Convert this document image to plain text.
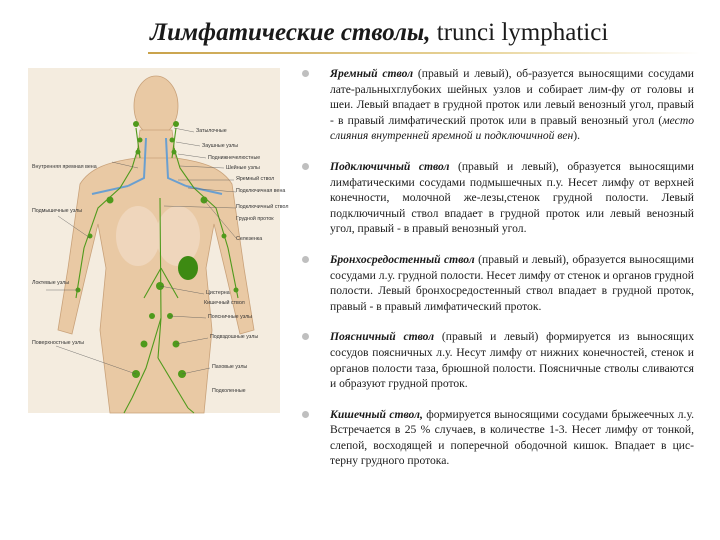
Лимфатические стволы, trunci lymphatici
Затылочные
Заушные узлы
Поднижнечелюстные
Шейные узлы
Внутренняя яремная вена
Яремный ствол
Подключичная вена
Подключичный ствол
Грудной проток
Подмышечные узлы
Локтевые узлы
Цистерна
Поясничные узлы
Подвздошные узлы
Паховые узлы
Селезенка
Кишечный ствол
Поверхностные узлы
Подколенные
Яремный ствол (правый и левый), об-разуется выносящими сосудами лате-ральныхглубоких шейных узлов и собирает лим-фу от головы и шеи. Левый впадает в грудной проток или левый венозный угол, правый - в правый лимфатический проток или в правый венозный угол (место слияния внутренней яремной и подключичной вен).
Подключичный ствол (правый и левый), образуется выносящими лимфатическими сосудами подмышечных п.у. Несет лимфу от верхней конечности, молочной же-лезы,стенок грудной полости. Левый подключичный ствол впадает в грудной проток или левый венозный угол, правый - в правый венозный угол.
Бронхосредостенный ствол (правый и левый), образуется выносящими сосудами л.у. грудной полости. Несет лимфу от стенок и органов грудной полости. Левый бронхосредостенный ствол впадает в грудной проток, правый - в правый лимфатический проток.
Поясничный ствол (правый и левый) формируется из выносящих сосудов поясничных л.у. Несут лимфу от нижних конечностей, стенок и органов полости таза, брюшной полости. Поясничные стволы сливаются и образуют грудной проток.
Кишечный ствол, формируется выносящими сосудами брыжеечных л.у. Встречается в 25 % случаев, в количестве 1-3. Несет лимфу от тонкой, слепой, восходящей и поперечной ободочной кишок. Впадает в цис-терну грудного протока.
